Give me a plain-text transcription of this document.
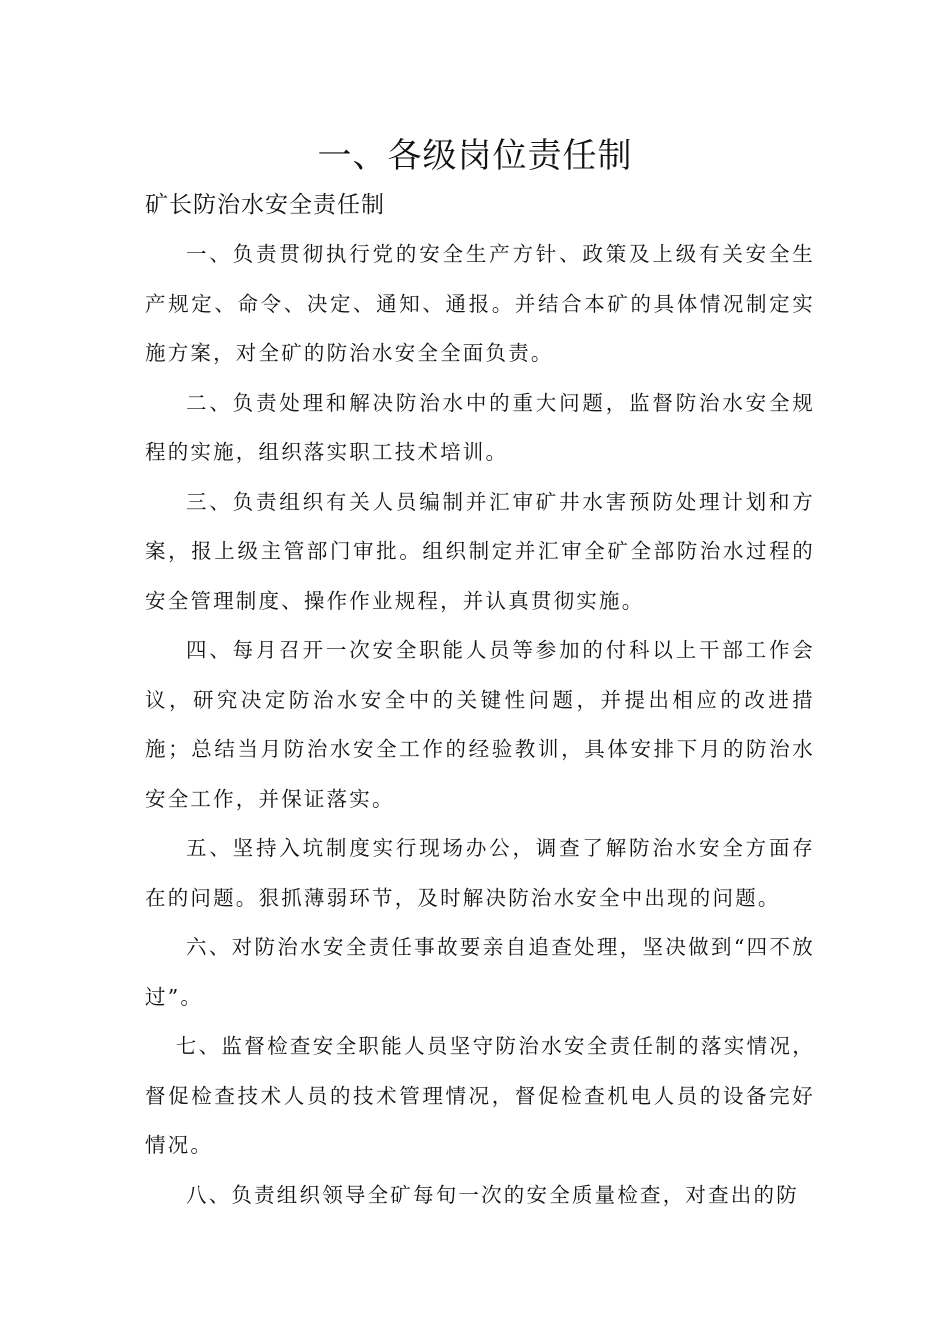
一、各级岗位责任制
矿长防治水安全责任制

一、负责贯彻执行党的安全生产方针、政策及上级有关安全生产规定、命令、决定、通知、通报。并结合本矿的具体情况制定实施方案，对全矿的防治水安全全面负责。

二、负责处理和解决防治水中的重大问题，监督防治水安全规程的实施，组织落实职工技术培训。

三、负责组织有关人员编制并汇审矿井水害预防处理计划和方案，报上级主管部门审批。组织制定并汇审全矿全部防治水过程的安全管理制度、操作作业规程，并认真贯彻实施。

四、每月召开一次安全职能人员等参加的付科以上干部工作会议，研究决定防治水安全中的关键性问题，并提出相应的改进措施；总结当月防治水安全工作的经验教训，具体安排下月的防治水安全工作，并保证落实。

五、坚持入坑制度实行现场办公，调查了解防治水安全方面存在的问题。狠抓薄弱环节，及时解决防治水安全中出现的问题。

六、对防治水安全责任事故要亲自追查处理，坚决做到“四不放过”。

七、监督检查安全职能人员坚守防治水安全责任制的落实情况，督促检查技术人员的技术管理情况，督促检查机电人员的设备完好情况。

八、负责组织领导全矿每旬一次的安全质量检查，对查出的防
